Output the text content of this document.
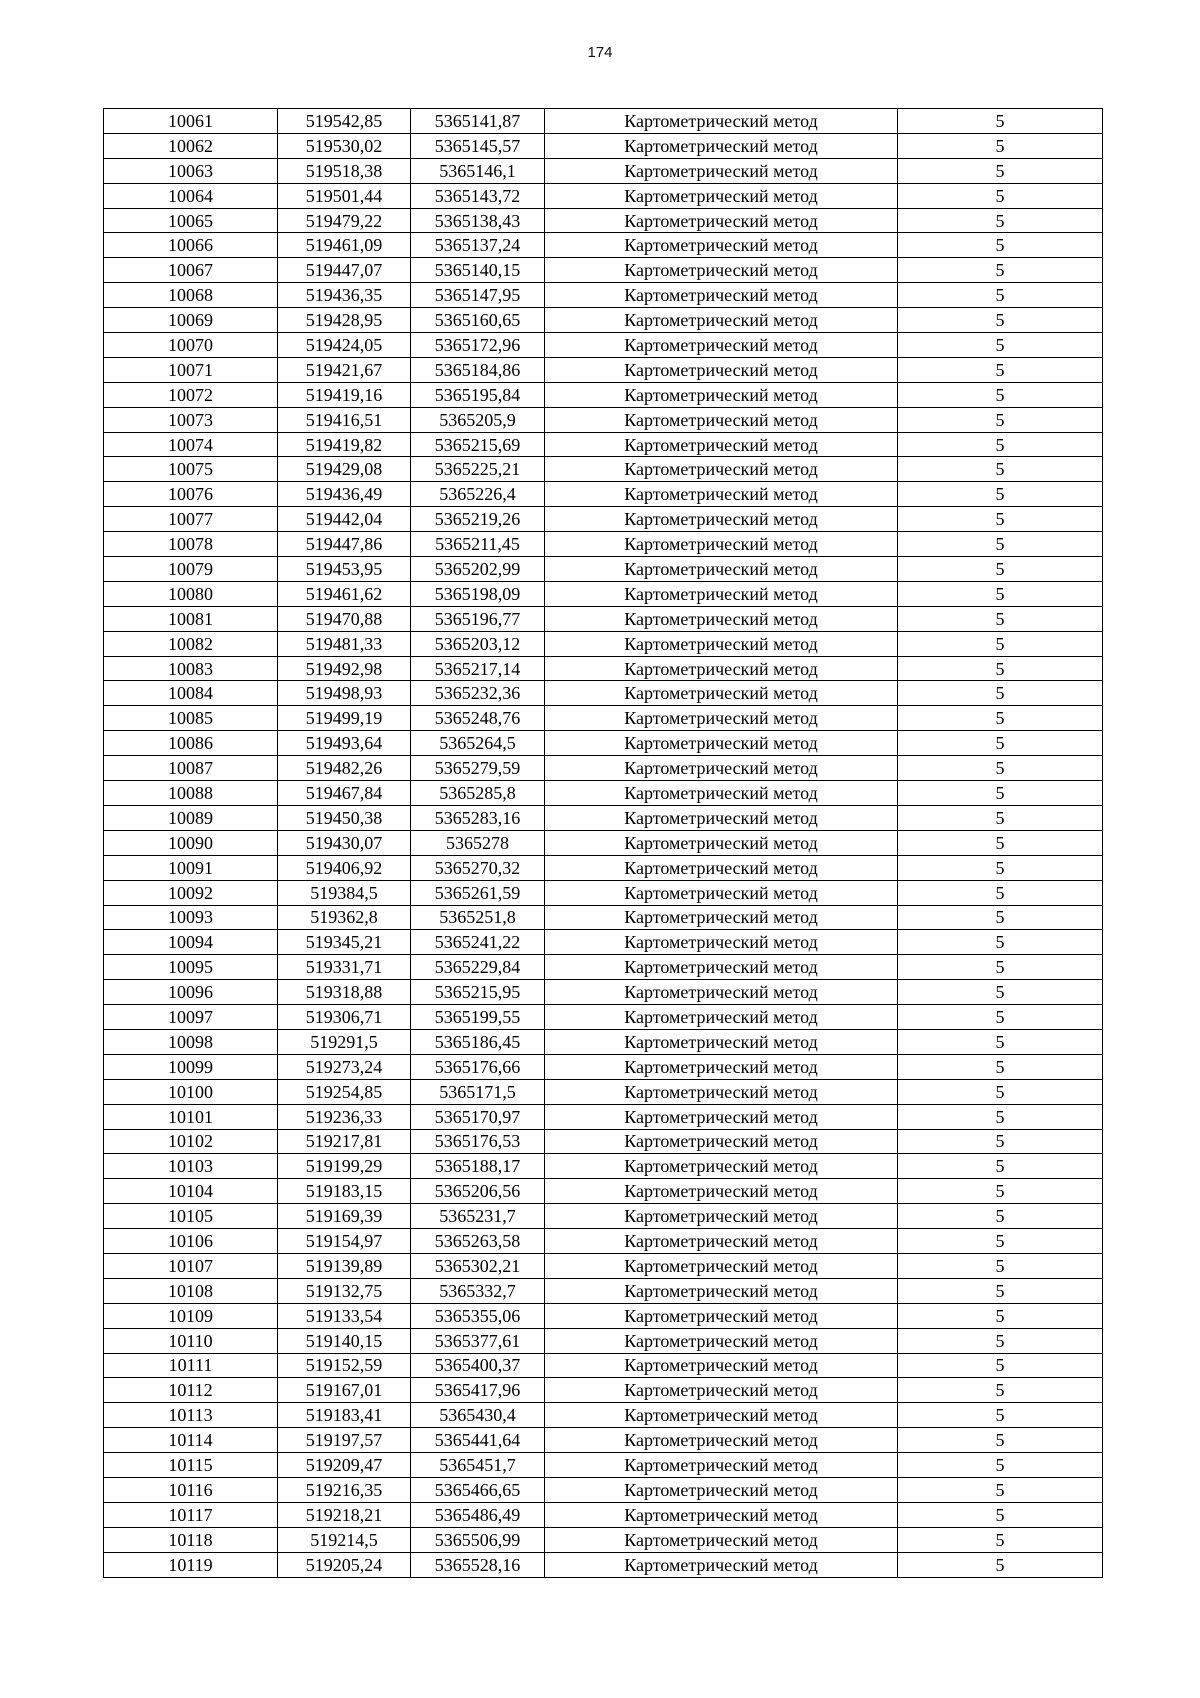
174
10061	519542,85	5365141,87	Картометрический метод	5
10062	519530,02	5365145,57	Картометрический метод	5
10063	519518,38	5365146,1	Картометрический метод	5
10064	519501,44	5365143,72	Картометрический метод	5
10065	519479,22	5365138,43	Картометрический метод	5
10066	519461,09	5365137,24	Картометрический метод	5
10067	519447,07	5365140,15	Картометрический метод	5
10068	519436,35	5365147,95	Картометрический метод	5
10069	519428,95	5365160,65	Картометрический метод	5
10070	519424,05	5365172,96	Картометрический метод	5
10071	519421,67	5365184,86	Картометрический метод	5
10072	519419,16	5365195,84	Картометрический метод	5
10073	519416,51	5365205,9	Картометрический метод	5
10074	519419,82	5365215,69	Картометрический метод	5
10075	519429,08	5365225,21	Картометрический метод	5
10076	519436,49	5365226,4	Картометрический метод	5
10077	519442,04	5365219,26	Картометрический метод	5
10078	519447,86	5365211,45	Картометрический метод	5
10079	519453,95	5365202,99	Картометрический метод	5
10080	519461,62	5365198,09	Картометрический метод	5
10081	519470,88	5365196,77	Картометрический метод	5
10082	519481,33	5365203,12	Картометрический метод	5
10083	519492,98	5365217,14	Картометрический метод	5
10084	519498,93	5365232,36	Картометрический метод	5
10085	519499,19	5365248,76	Картометрический метод	5
10086	519493,64	5365264,5	Картометрический метод	5
10087	519482,26	5365279,59	Картометрический метод	5
10088	519467,84	5365285,8	Картометрический метод	5
10089	519450,38	5365283,16	Картометрический метод	5
10090	519430,07	5365278	Картометрический метод	5
10091	519406,92	5365270,32	Картометрический метод	5
10092	519384,5	5365261,59	Картометрический метод	5
10093	519362,8	5365251,8	Картометрический метод	5
10094	519345,21	5365241,22	Картометрический метод	5
10095	519331,71	5365229,84	Картометрический метод	5
10096	519318,88	5365215,95	Картометрический метод	5
10097	519306,71	5365199,55	Картометрический метод	5
10098	519291,5	5365186,45	Картометрический метод	5
10099	519273,24	5365176,66	Картометрический метод	5
10100	519254,85	5365171,5	Картометрический метод	5
10101	519236,33	5365170,97	Картометрический метод	5
10102	519217,81	5365176,53	Картометрический метод	5
10103	519199,29	5365188,17	Картометрический метод	5
10104	519183,15	5365206,56	Картометрический метод	5
10105	519169,39	5365231,7	Картометрический метод	5
10106	519154,97	5365263,58	Картометрический метод	5
10107	519139,89	5365302,21	Картометрический метод	5
10108	519132,75	5365332,7	Картометрический метод	5
10109	519133,54	5365355,06	Картометрический метод	5
10110	519140,15	5365377,61	Картометрический метод	5
10111	519152,59	5365400,37	Картометрический метод	5
10112	519167,01	5365417,96	Картометрический метод	5
10113	519183,41	5365430,4	Картометрический метод	5
10114	519197,57	5365441,64	Картометрический метод	5
10115	519209,47	5365451,7	Картометрический метод	5
10116	519216,35	5365466,65	Картометрический метод	5
10117	519218,21	5365486,49	Картометрический метод	5
10118	519214,5	5365506,99	Картометрический метод	5
10119	519205,24	5365528,16	Картометрический метод	5
